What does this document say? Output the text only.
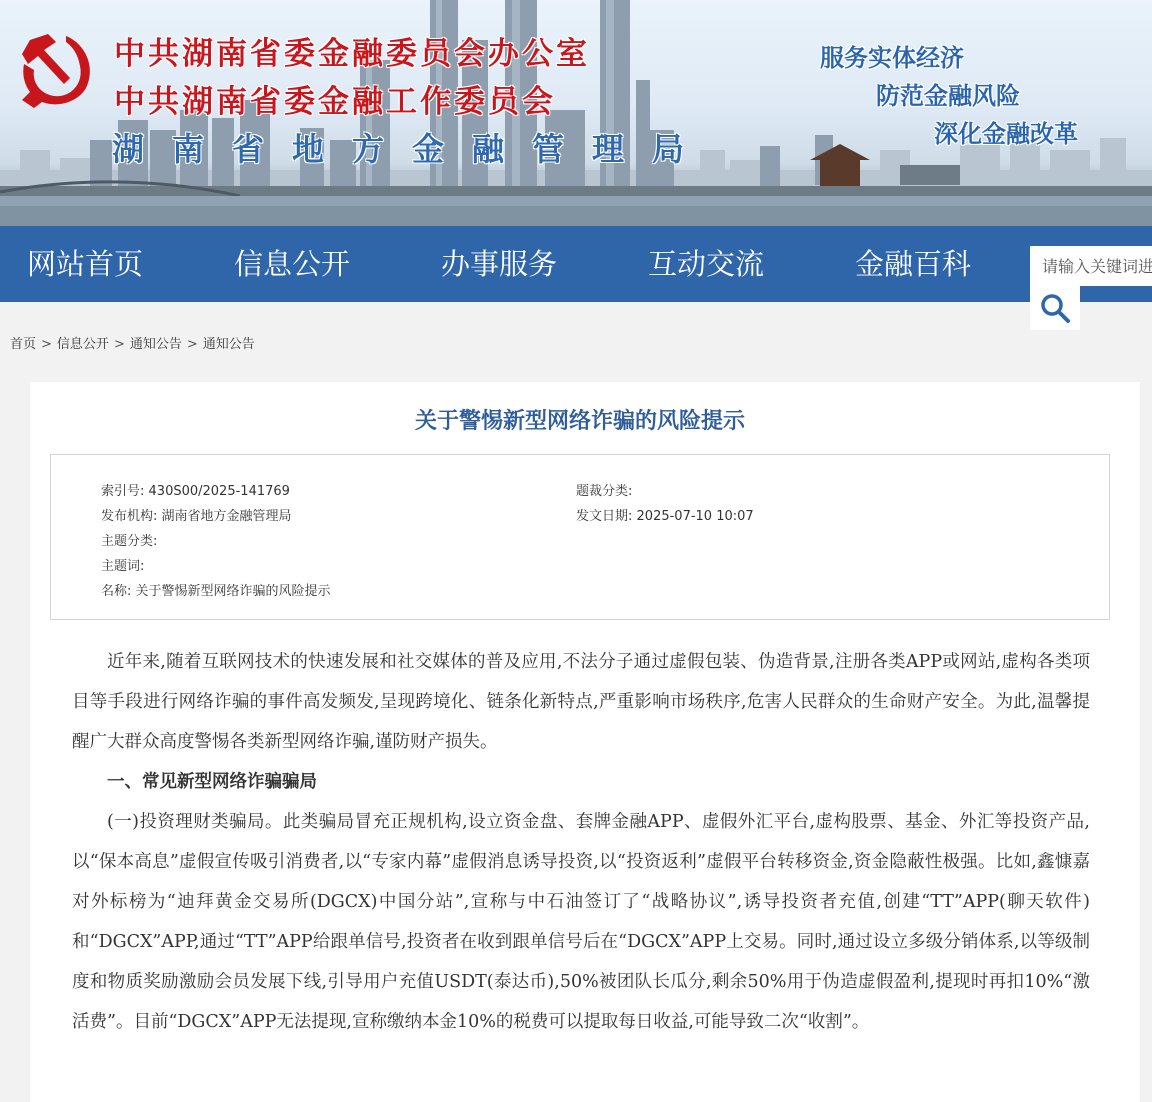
中共湖南省委金融委员会办公室
中共湖南省委金融工作委员会
湖南省地方金融管理局
服务实体经济
防范金融风险
深化金融改革
网站首页	信息公开	办事服务	互动交流	金融百科
请输入关键词进行搜索
首页 > 信息公开 > 通知公告 > 通知公告
关于警惕新型网络诈骗的风险提示
索引号: 430S00/2025-141769	题裁分类:
发布机构: 湖南省地方金融管理局	发文日期: 2025-07-10 10:07
主题分类:
主题词:
名称: 关于警惕新型网络诈骗的风险提示

近年来,随着互联网技术的快速发展和社交媒体的普及应用,不法分子通过虚假包装、伪造背景,注册各类APP或网站,虚构各类项目等手段进行网络诈骗的事件高发频发,呈现跨境化、链条化新特点,严重影响市场秩序,危害人民群众的生命财产安全。为此,温馨提醒广大群众高度警惕各类新型网络诈骗,谨防财产损失。

一、常见新型网络诈骗骗局

(一)投资理财类骗局。此类骗局冒充正规机构,设立资金盘、套牌金融APP、虚假外汇平台,虚构股票、基金、外汇等投资产品,以“保本高息”虚假宣传吸引消费者,以“专家内幕”虚假消息诱导投资,以“投资返利”虚假平台转移资金,资金隐蔽性极强。比如,鑫慷嘉对外标榜为“迪拜黄金交易所(DGCX)中国分站”,宣称与中石油签订了“战略协议”,诱导投资者充值,创建“TT”APP(聊天软件)和“DGCX”APP,通过“TT”APP给跟单信号,投资者在收到跟单信号后在“DGCX”APP上交易。同时,通过设立多级分销体系,以等级制度和物质奖励激励会员发展下线,引导用户充值USDT(泰达币),50%被团队长瓜分,剩余50%用于伪造虚假盈利,提现时再扣10%“激活费”。目前“DGCX”APP无法提现,宣称缴纳本金10%的税费可以提取每日收益,可能导致二次“收割”。
